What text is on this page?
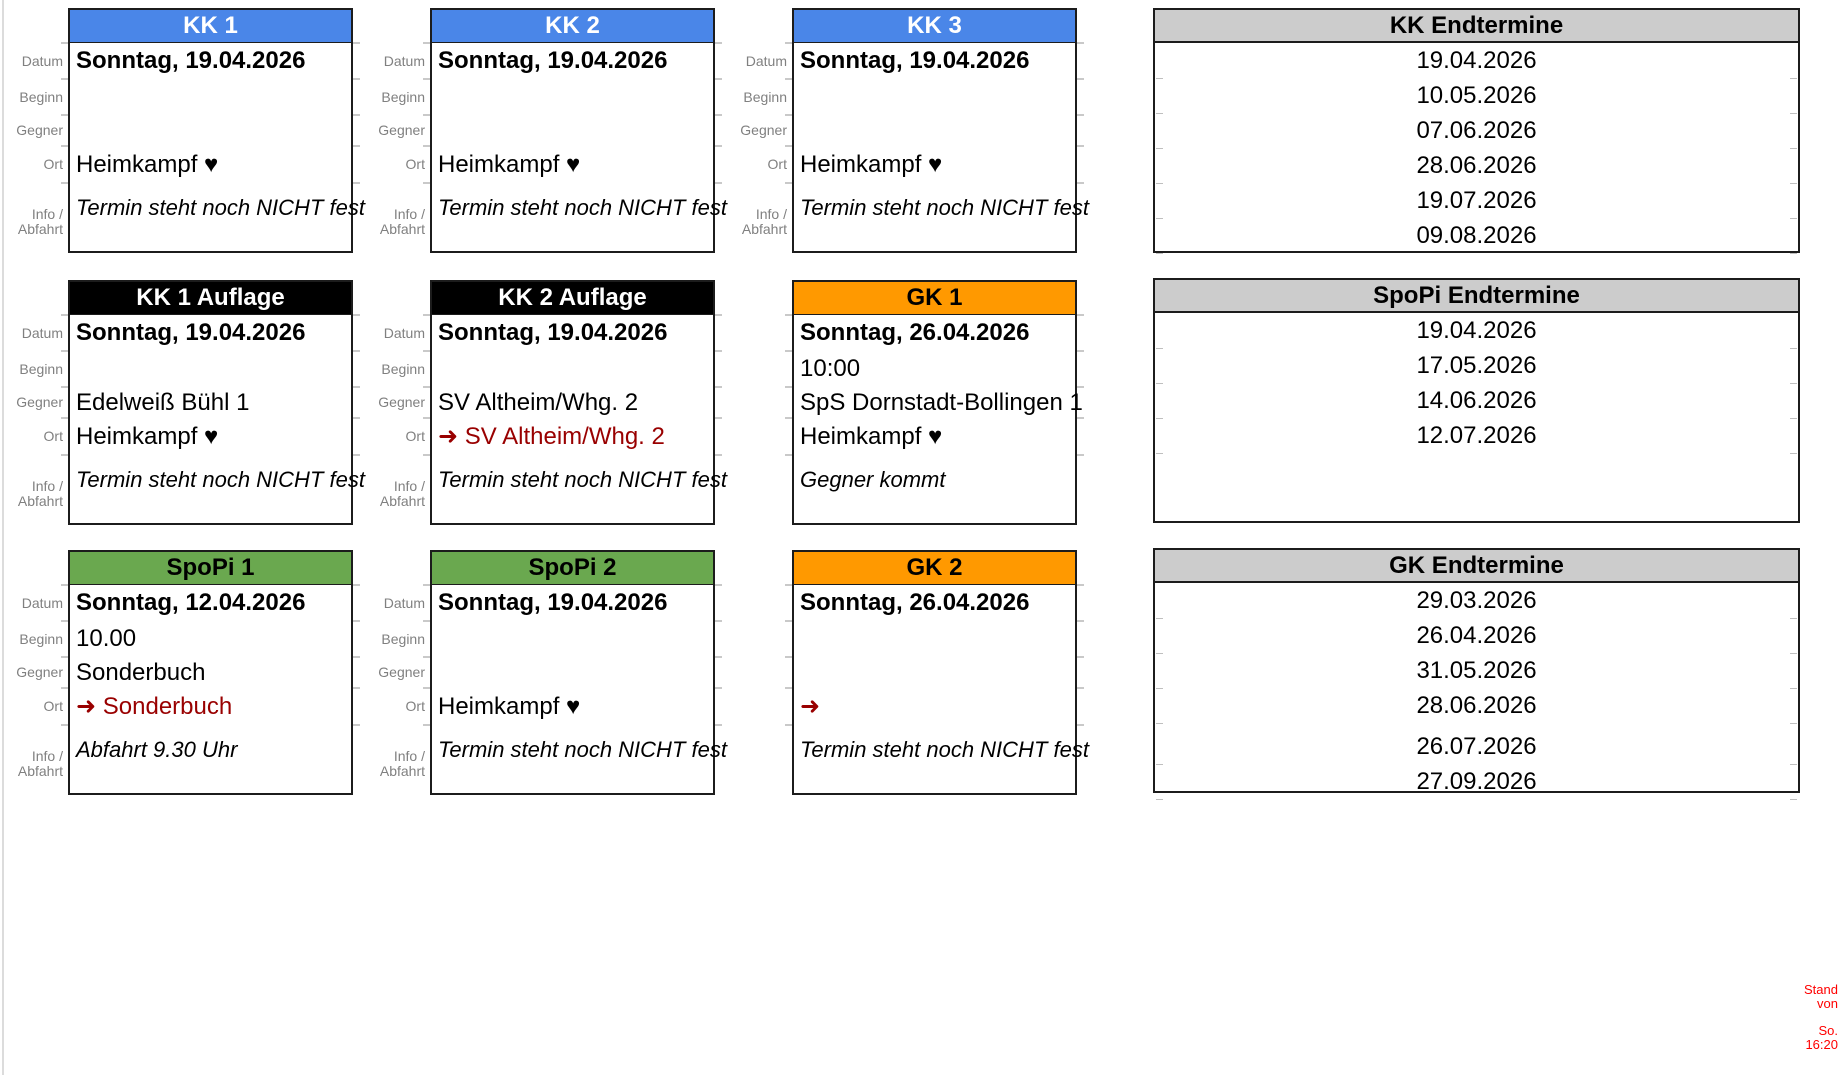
Datum
Beginn
Gegner
Ort
Info /
Abfahrt
KK 1
Sonntag, 19.04.2026
Heimkampf ♥
Termin steht noch NICHT fest
Datum
Beginn
Gegner
Ort
Info /
Abfahrt
KK 2
Sonntag, 19.04.2026
Heimkampf ♥
Termin steht noch NICHT fest
Datum
Beginn
Gegner
Ort
Info /
Abfahrt
KK 3
Sonntag, 19.04.2026
Heimkampf ♥
Termin steht noch NICHT fest
KK Endtermine
19.04.2026
10.05.2026
07.06.2026
28.06.2026
19.07.2026
09.08.2026
Datum
Beginn
Gegner
Ort
Info /
Abfahrt
KK 1 Auflage
Sonntag, 19.04.2026
Edelweiß Bühl 1
Heimkampf ♥
Termin steht noch NICHT fest
Datum
Beginn
Gegner
Ort
Info /
Abfahrt
KK 2 Auflage
Sonntag, 19.04.2026
SV Altheim/Whg. 2
➜ SV Altheim/Whg. 2
Termin steht noch NICHT fest
GK 1
Sonntag, 26.04.2026
10:00
SpS Dornstadt-Bollingen 1
Heimkampf ♥
Gegner kommt
SpoPi Endtermine
19.04.2026
17.05.2026
14.06.2026
12.07.2026
Datum
Beginn
Gegner
Ort
Info /
Abfahrt
SpoPi 1
Sonntag, 12.04.2026
10.00
Sonderbuch
➜ Sonderbuch
Abfahrt 9.30 Uhr
Datum
Beginn
Gegner
Ort
Info /
Abfahrt
SpoPi 2
Sonntag, 19.04.2026
Heimkampf ♥
Termin steht noch NICHT fest
GK 2
Sonntag, 26.04.2026
➜
Termin steht noch NICHT fest
GK Endtermine
29.03.2026
26.04.2026
31.05.2026
28.06.2026
26.07.2026
27.09.2026
Stand
von
So.
16:20
